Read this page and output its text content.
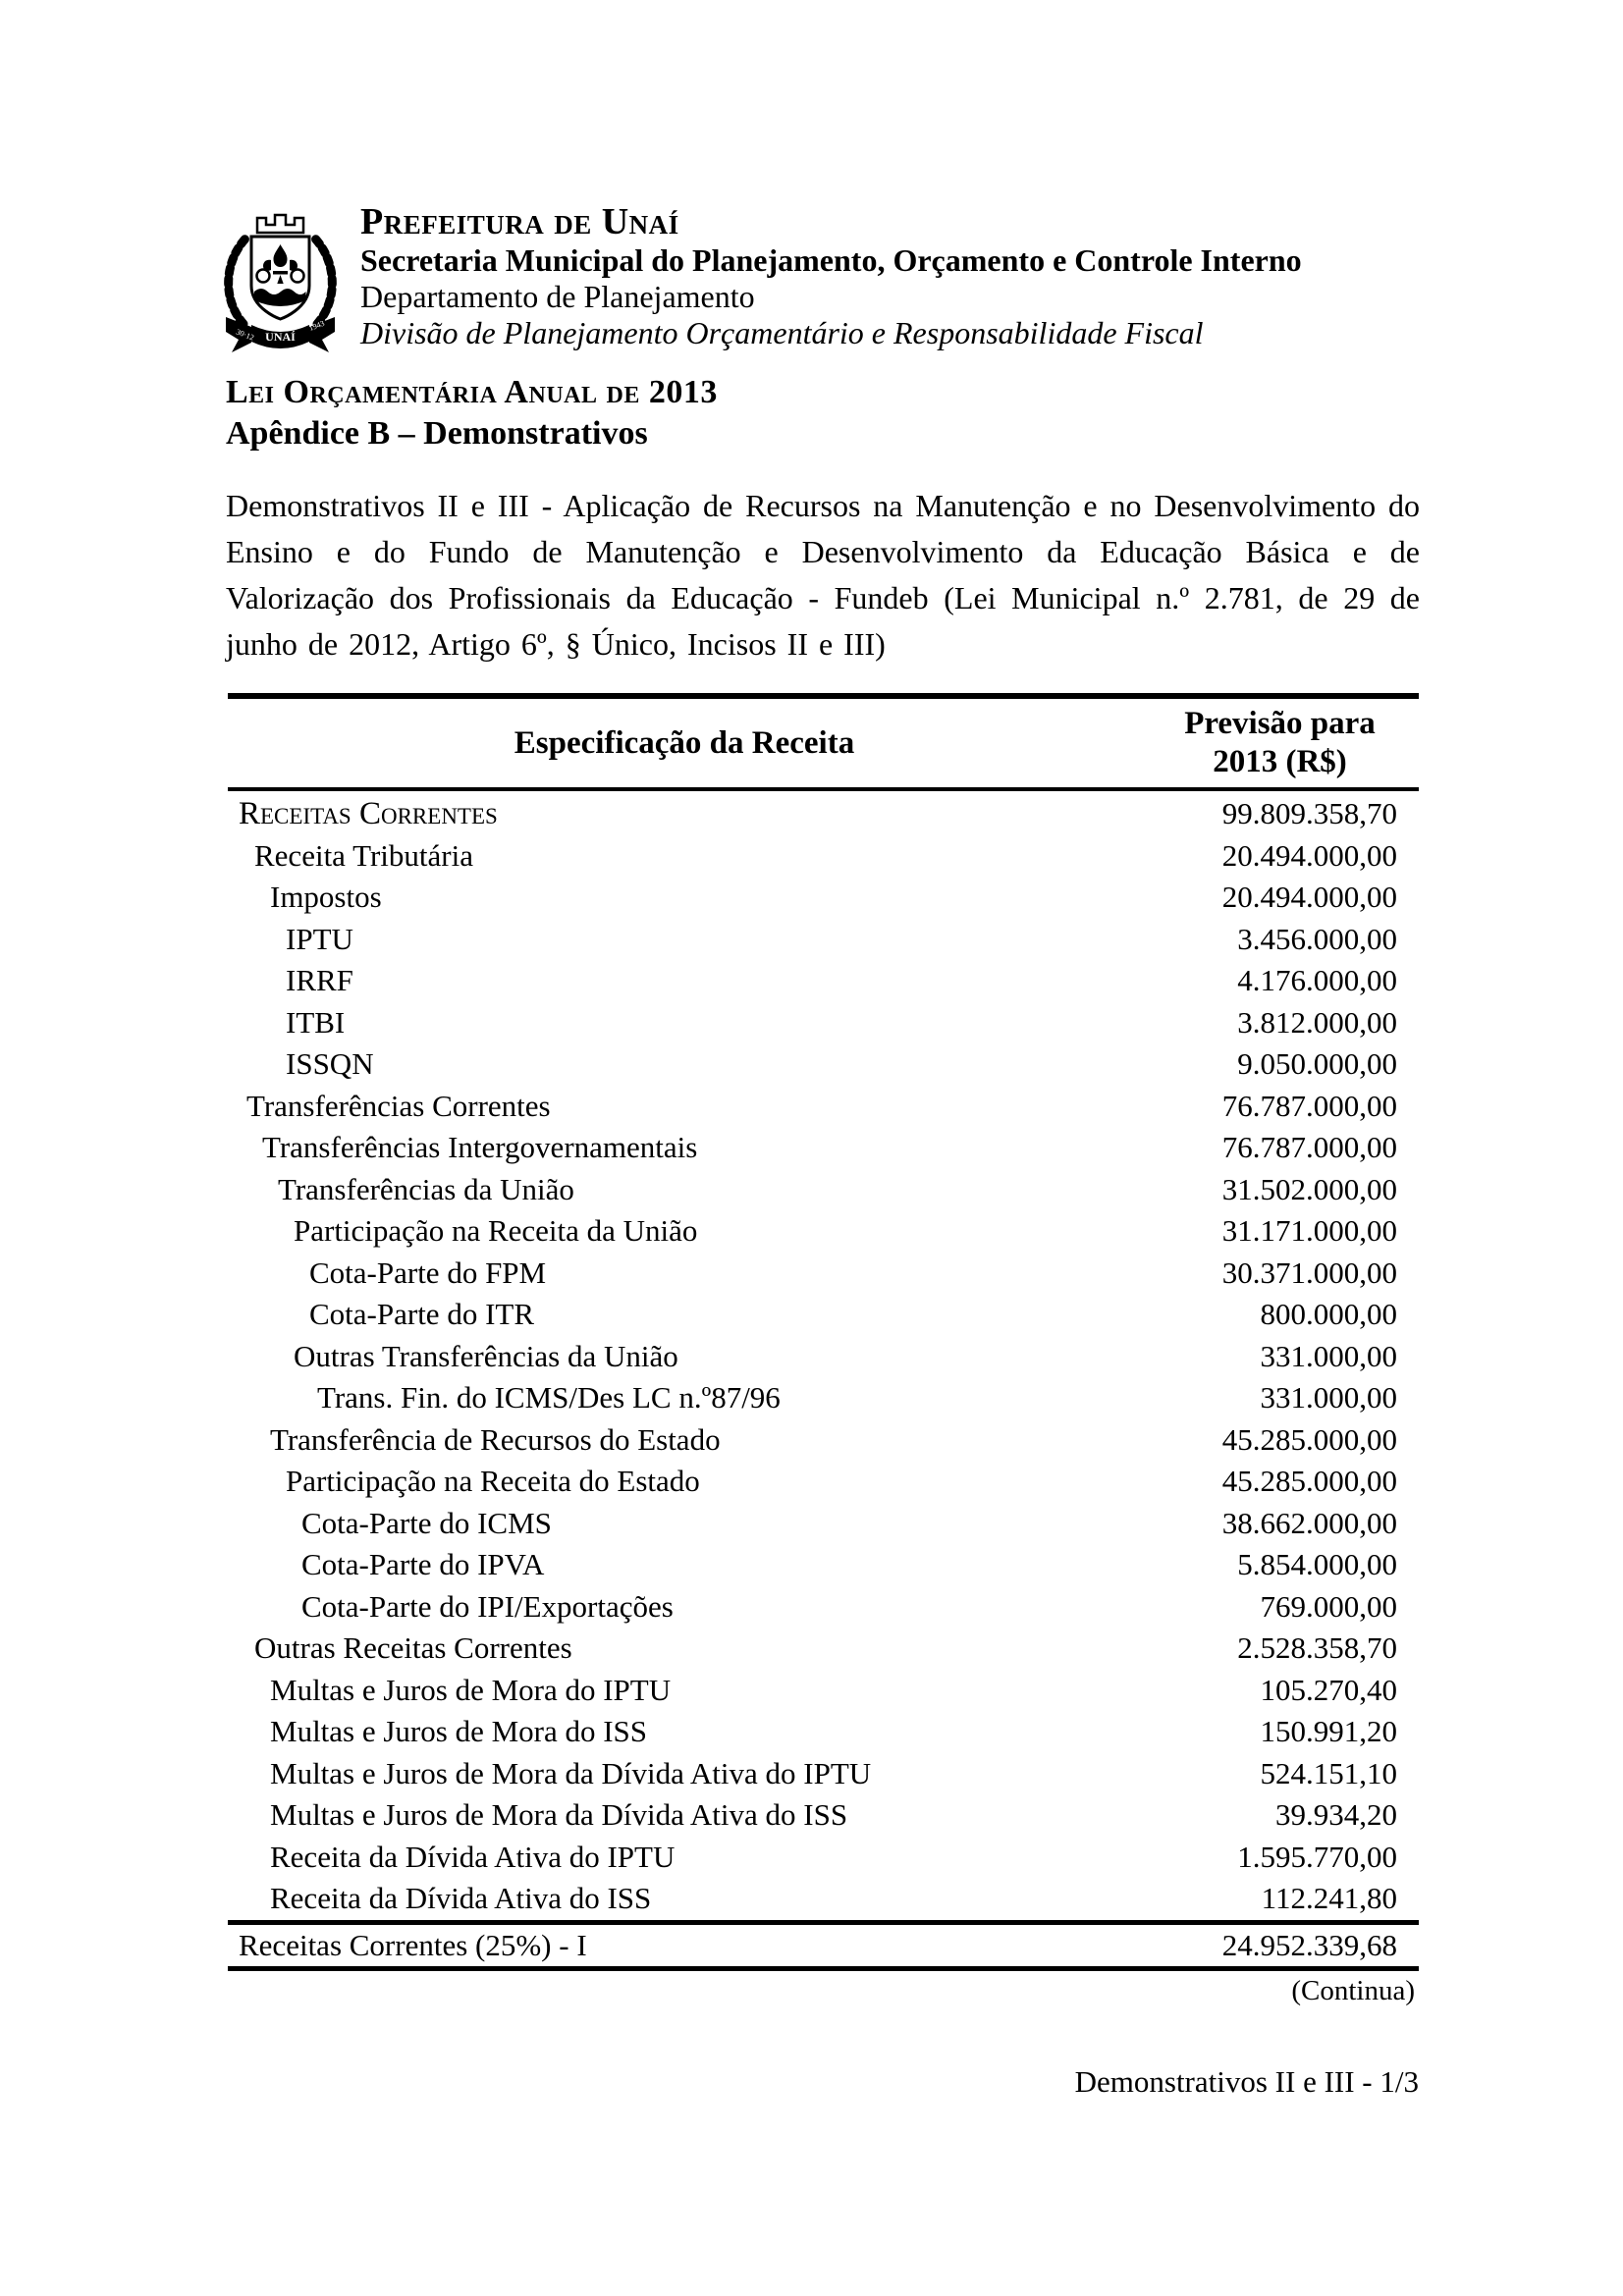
30·12 UNAÍ
1943
Prefeitura de Unaí
Secretaria Municipal do Planejamento, Orçamento e Controle Interno
Departamento de Planejamento
Divisão de Planejamento Orçamentário e Responsabilidade Fiscal
Lei Orçamentária Anual de 2013
Apêndice B – Demonstrativos

Demonstrativos II e III - Aplicação de Recursos na Manutenção e no Desenvolvimento do Ensino e do Fundo de Manutenção e Desenvolvimento da Educação Básica e de Valorização dos Profissionais da Educação - Fundeb (Lei Municipal n.º 2.781, de 29 de junho de 2012, Artigo 6º, § Único, Incisos II e III)

Especificação da Receita
Previsão para
2013 (R$)
Receitas Correntes	99.809.358,70
Receita Tributária	20.494.000,00
Impostos	20.494.000,00
IPTU	3.456.000,00
IRRF	4.176.000,00
ITBI	3.812.000,00
ISSQN	9.050.000,00
Transferências Correntes	76.787.000,00
Transferências Intergovernamentais	76.787.000,00
Transferências da União	31.502.000,00
Participação na Receita da União	31.171.000,00
Cota-Parte do FPM	30.371.000,00
Cota-Parte do ITR	800.000,00
Outras Transferências da União	331.000,00
Trans. Fin. do ICMS/Des LC n.º87/96	331.000,00
Transferência de Recursos do Estado	45.285.000,00
Participação na Receita do Estado	45.285.000,00
Cota-Parte do ICMS	38.662.000,00
Cota-Parte do IPVA	5.854.000,00
Cota-Parte do IPI/Exportações	769.000,00
Outras Receitas Correntes	2.528.358,70
Multas e Juros de Mora do IPTU	105.270,40
Multas e Juros de Mora do ISS	150.991,20
Multas e Juros de Mora da Dívida Ativa do IPTU	524.151,10
Multas e Juros de Mora da Dívida Ativa do ISS	39.934,20
Receita da Dívida Ativa do IPTU	1.595.770,00
Receita da Dívida Ativa do ISS	112.241,80
Receitas Correntes (25%) - I	24.952.339,68
(Continua)
Demonstrativos II e III - 1/3
